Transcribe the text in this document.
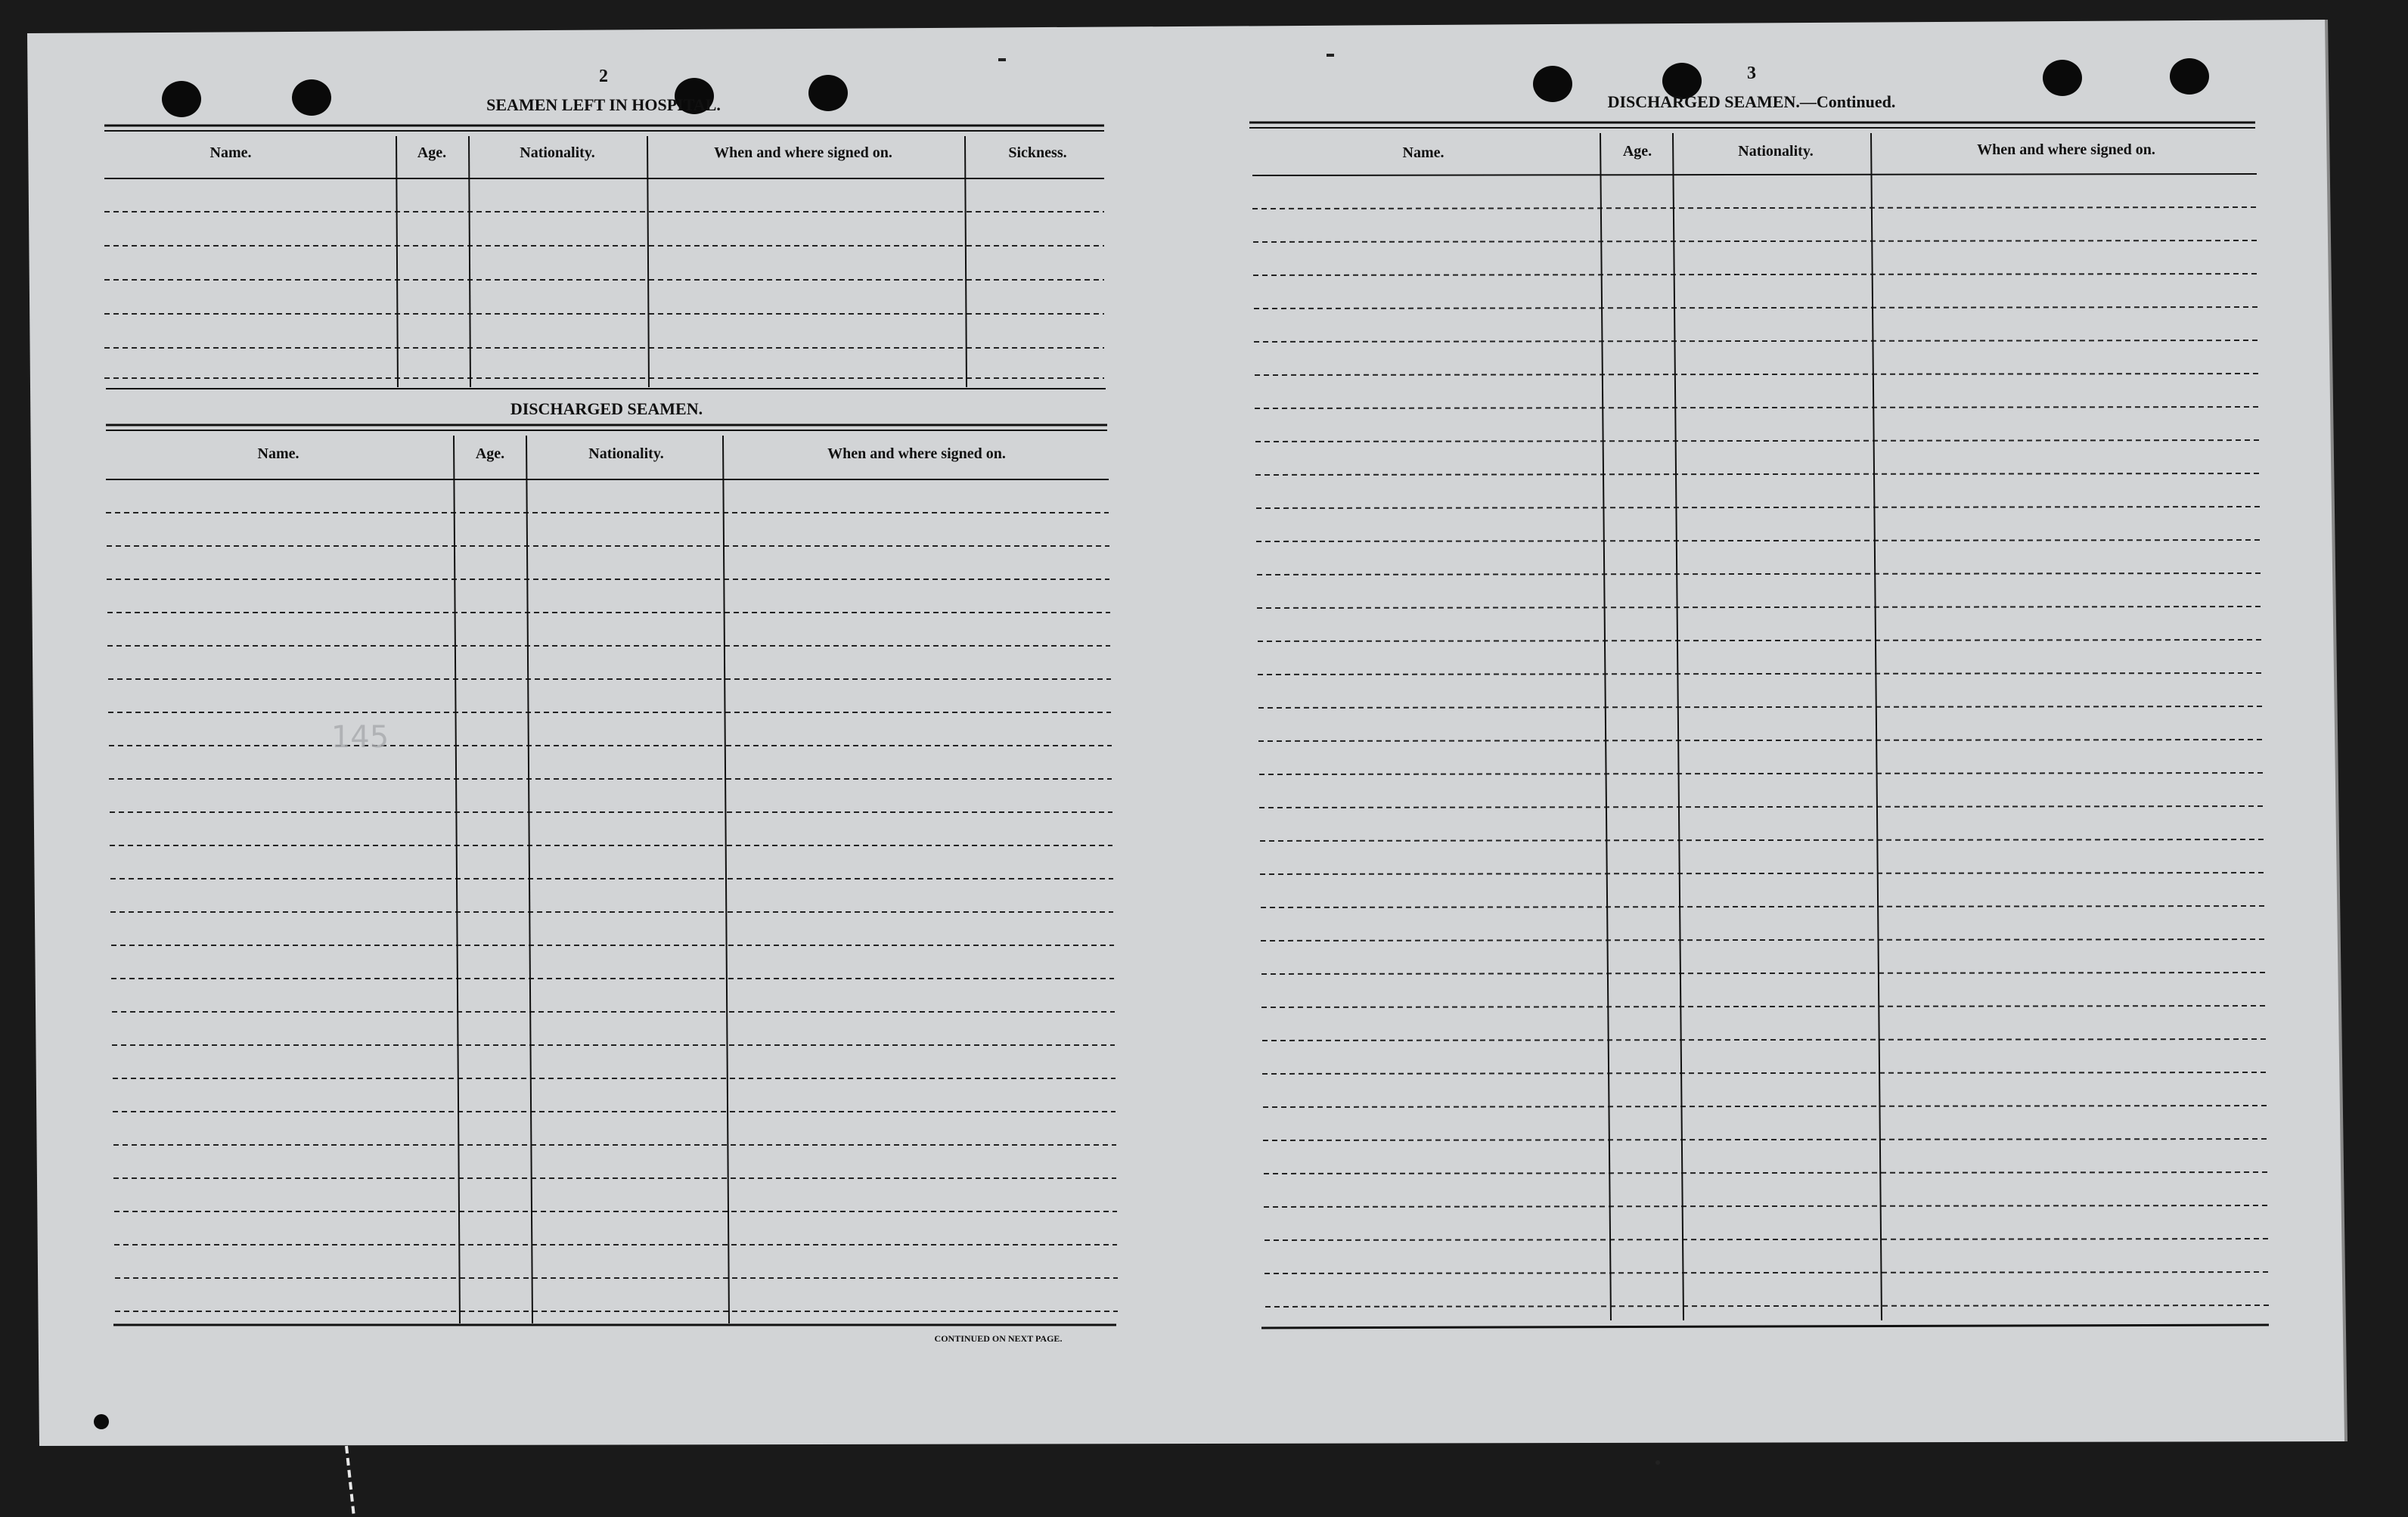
2
SEAMEN LEFT IN HOSPITAL.
Name.	Age.	Nationality.	When and where signed on.	Sickness.
DISCHARGED SEAMEN.
Name.	Age.	Nationality.	When and where signed on.
145
CONTINUED ON NEXT PAGE.
3
DISCHARGED SEAMEN.—Continued.
Name.	Age.	Nationality.	When and where signed on.
